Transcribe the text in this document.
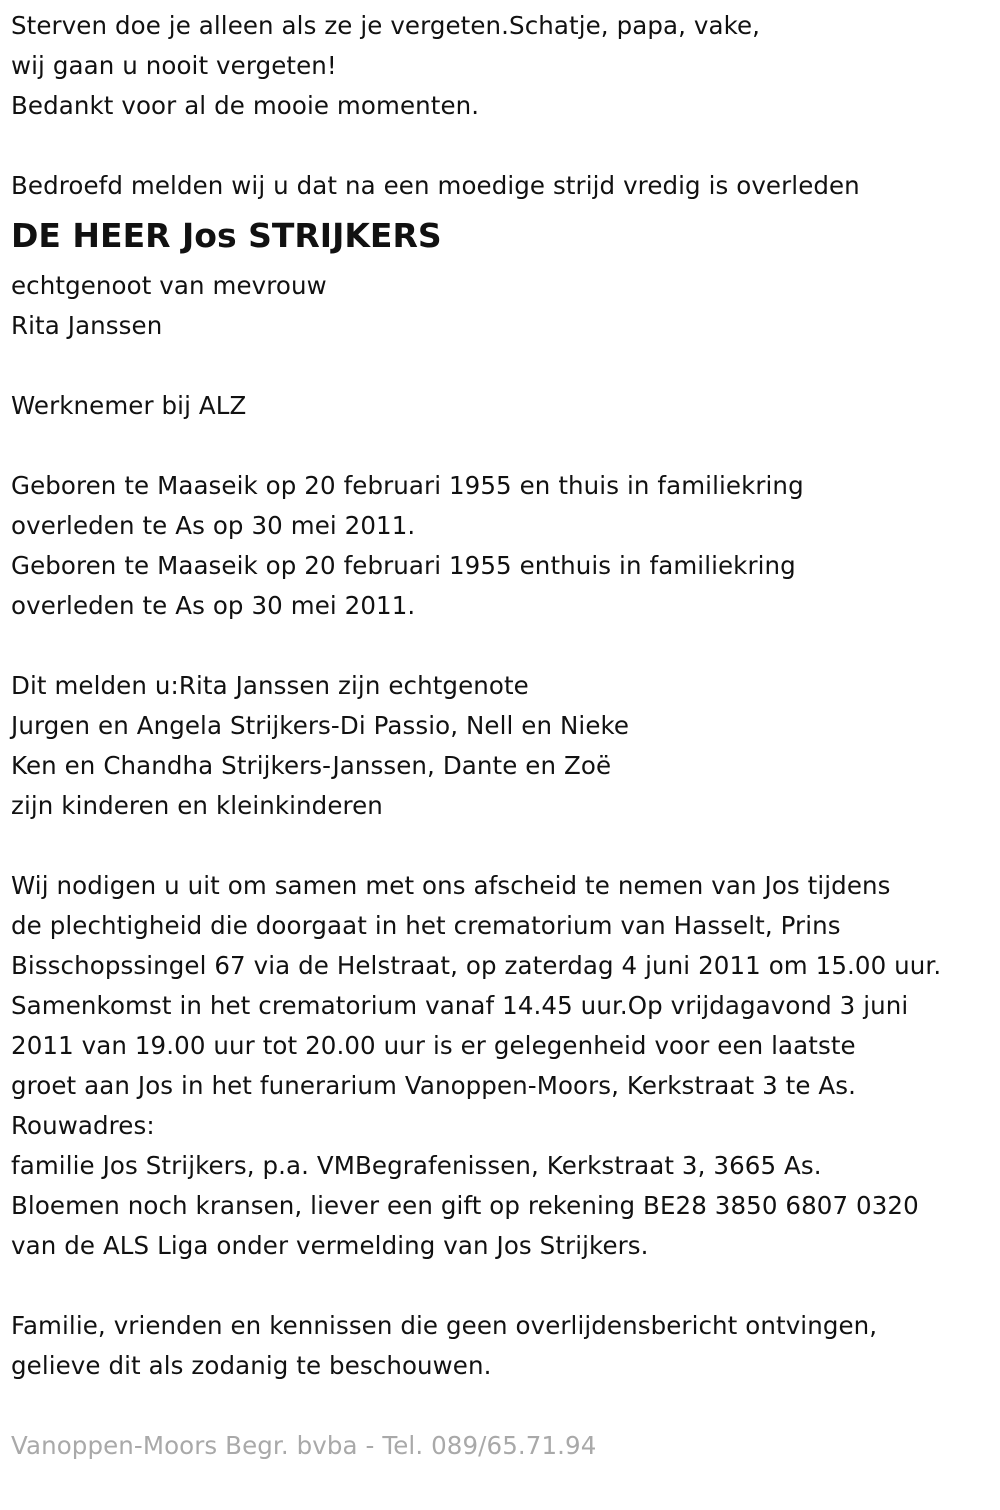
Sterven doe je alleen als ze je vergeten.Schatje, papa, vake,
wij gaan u nooit vergeten!
Bedankt voor al de mooie momenten.
Bedroefd melden wij u dat na een moedige strijd vredig is overleden
DE HEER Jos STRIJKERS
echtgenoot van mevrouw
Rita Janssen
Werknemer bij ALZ
Geboren te Maaseik op 20 februari 1955 en thuis in familiekring
overleden te As op 30 mei 2011.
Geboren te Maaseik op 20 februari 1955 enthuis in familiekring
overleden te As op 30 mei 2011.
Dit melden u:Rita Janssen zijn echtgenote
Jurgen en Angela Strijkers-Di Passio, Nell en Nieke
Ken en Chandha Strijkers-Janssen, Dante en Zoë
zijn kinderen en kleinkinderen
Wij nodigen u uit om samen met ons afscheid te nemen van Jos tijdens
de plechtigheid die doorgaat in het crematorium van Hasselt, Prins
Bisschopssingel 67 via de Helstraat, op zaterdag 4 juni 2011 om 15.00 uur.
Samenkomst in het crematorium vanaf 14.45 uur.Op vrijdagavond 3 juni
2011 van 19.00 uur tot 20.00 uur is er gelegenheid voor een laatste
groet aan Jos in het funerarium Vanoppen-Moors, Kerkstraat 3 te As.
Rouwadres:
familie Jos Strijkers, p.a. VMBegrafenissen, Kerkstraat 3, 3665 As.
Bloemen noch kransen, liever een gift op rekening BE28 3850 6807 0320
van de ALS Liga onder vermelding van Jos Strijkers.
Familie, vrienden en kennissen die geen overlijdensbericht ontvingen,
gelieve dit als zodanig te beschouwen.
Vanoppen-Moors Begr. bvba - Tel. 089/65.71.94
